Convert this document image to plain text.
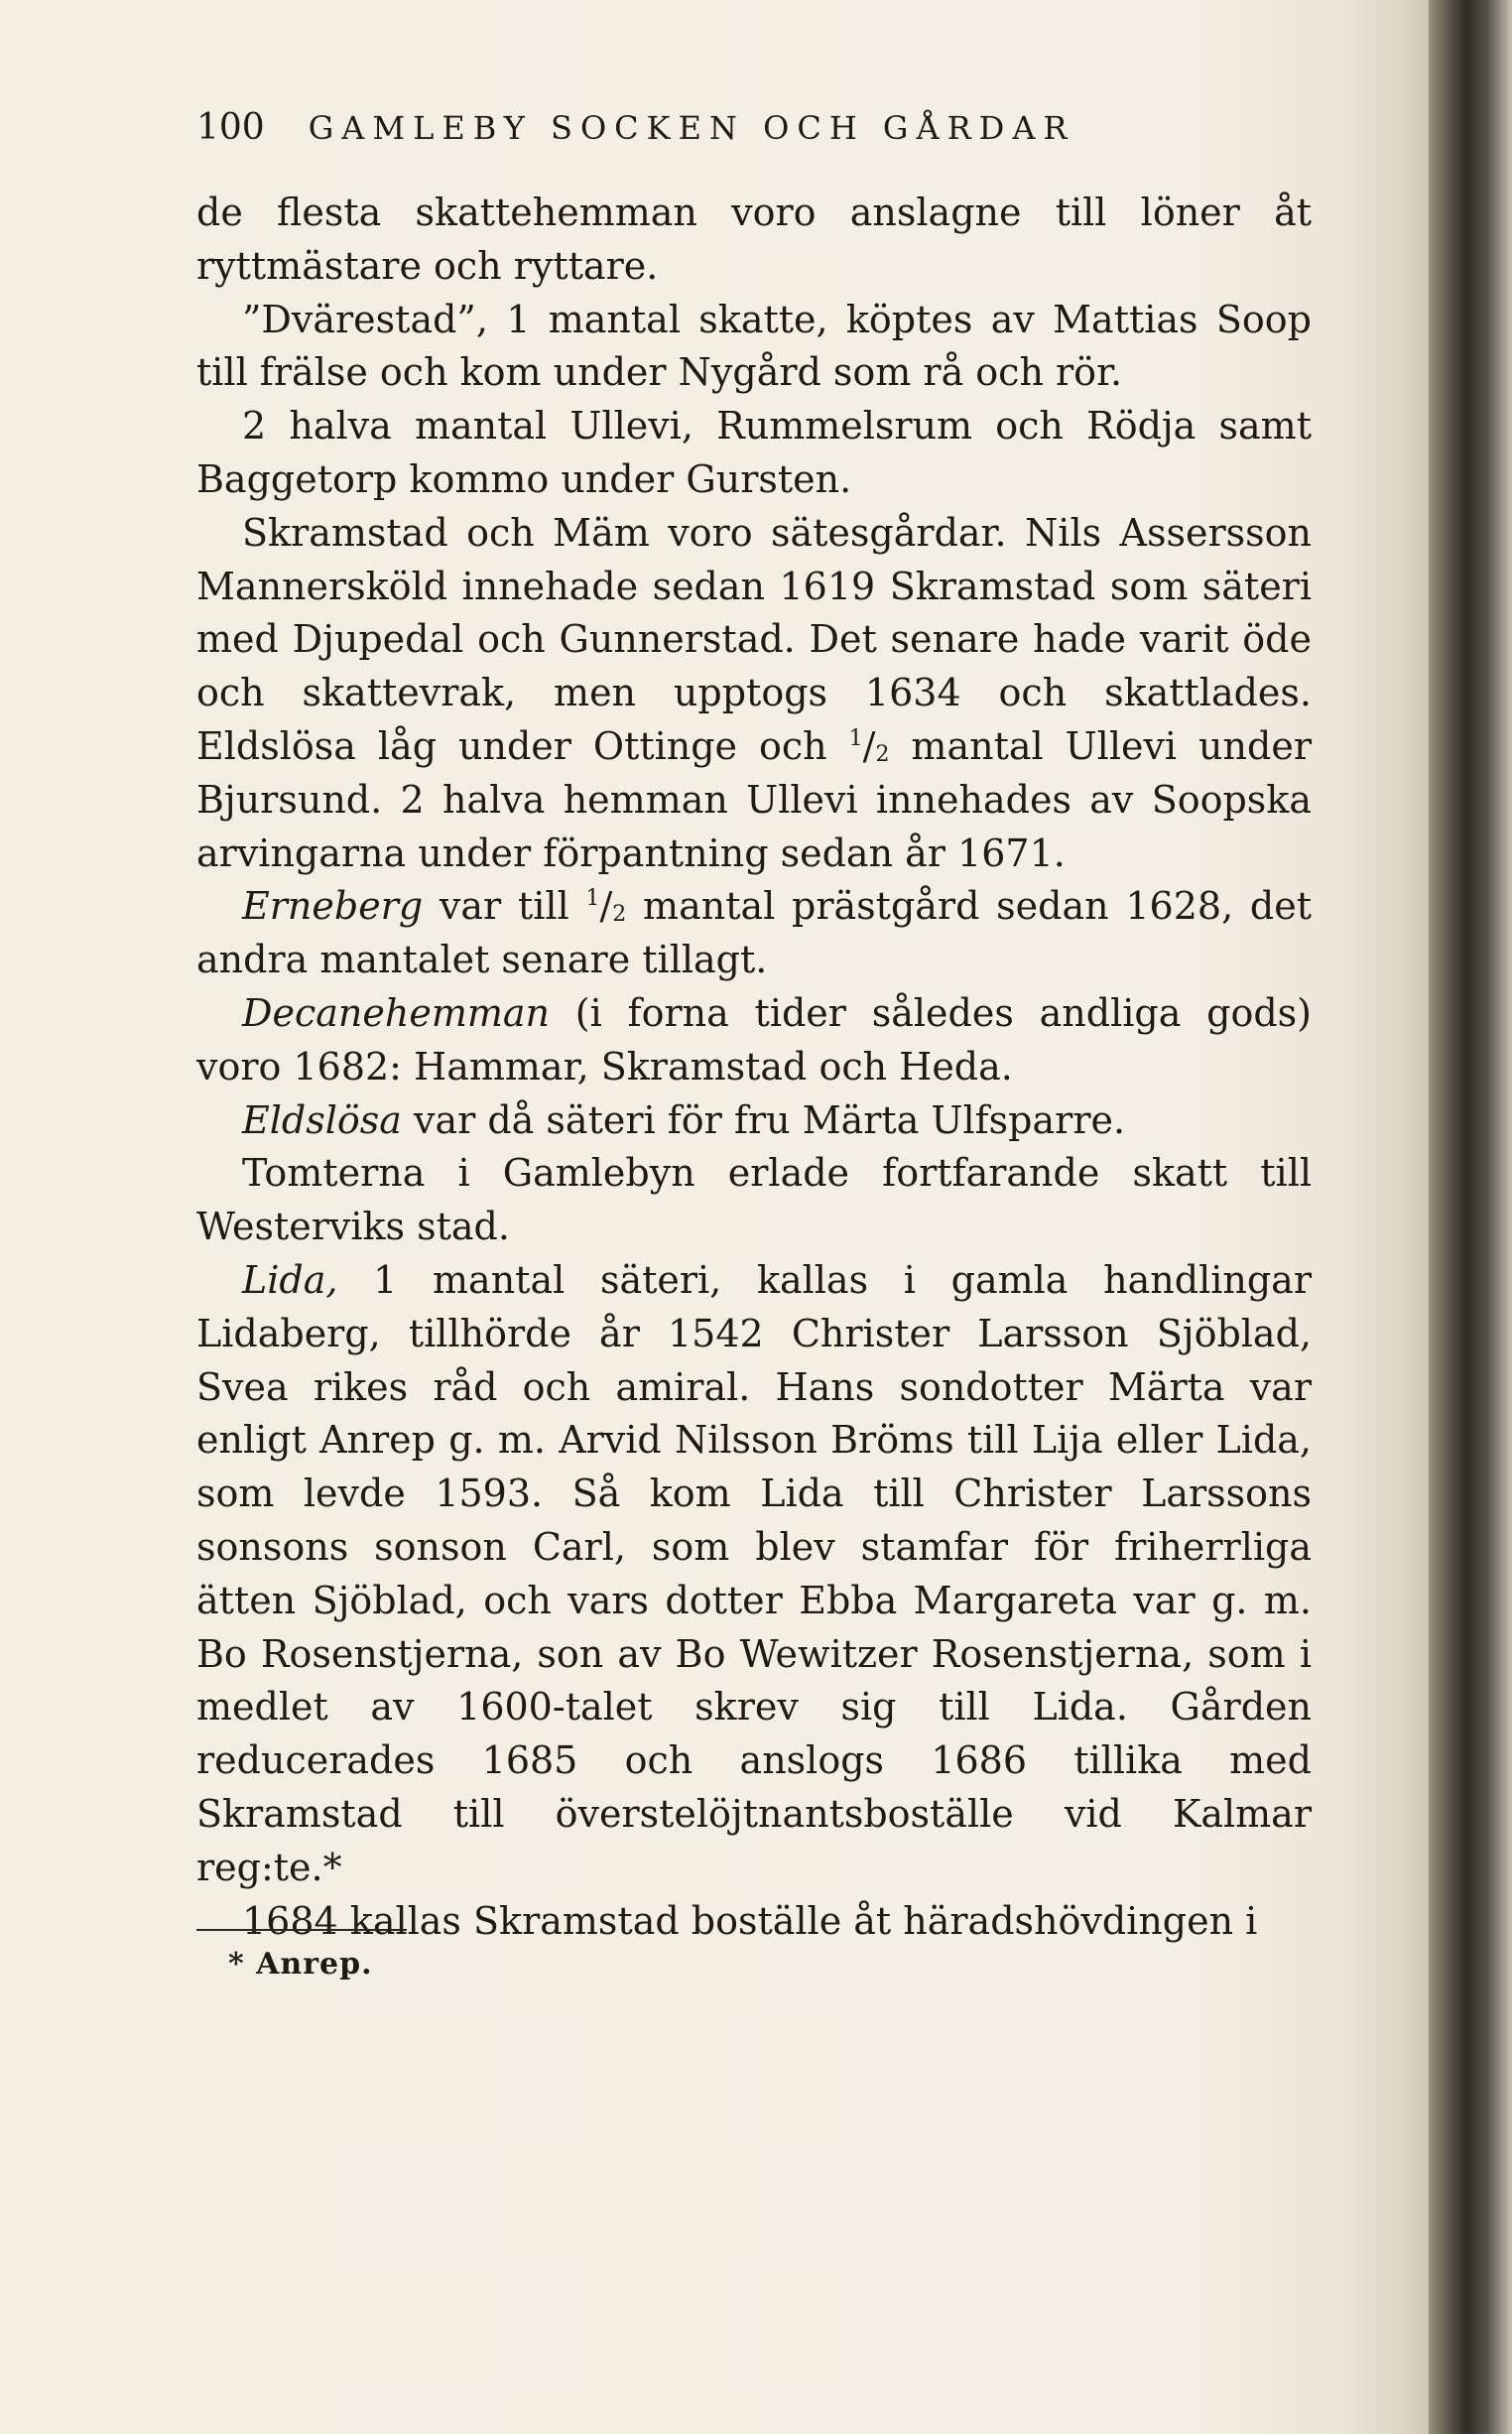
100 GAMLEBY SOCKEN OCH GÅRDAR

de flesta skattehemman voro anslagne till löner åt ryttmästare och ryttare.

”Dvärestad”, 1 mantal skatte, köptes av Mattias Soop till frälse och kom under Nygård som rå och rör.

2 halva mantal Ullevi, Rummelsrum och Rödja samt Baggetorp kommo under Gursten.

Skramstad och Mäm voro sätesgårdar. Nils Assersson Mannersköld innehade sedan 1619 Skramstad som säteri med Djupedal och Gunnerstad. Det senare hade varit öde och skattevrak, men upptogs 1634 och skattlades. Eldslösa låg under Ottinge och $^1/_2$ mantal Ullevi under Bjursund. 2 halva hemman Ullevi innehades av Soopska arvingarna under förpantning sedan år 1671.

Erneberg var till $^1/_2$ mantal prästgård sedan 1628, det andra mantalet senare tillagt.

Decanehemman (i forna tider således andliga gods) voro 1682: Hammar, Skramstad och Heda.

Eldslösa var då säteri för fru Märta Ulfsparre.

Tomterna i Gamlebyn erlade fortfarande skatt till Westerviks stad.

Lida, 1 mantal säteri, kallas i gamla handlingar Lidaberg, tillhörde år 1542 Christer Larsson Sjöblad, Svea rikes råd och amiral. Hans sondotter Märta var enligt Anrep g. m. Arvid Nilsson Bröms till Lija eller Lida, som levde 1593. Så kom Lida till Christer Larssons sonsons sonson Carl, som blev stamfar för friherrliga ätten Sjöblad, och vars dotter Ebba Margareta var g. m. Bo Rosenstjerna, son av Bo Wewitzer Rosenstjerna, som i medlet av 1600-talet skrev sig till Lida. Gården reducerades 1685 och anslogs 1686 tillika med Skramstad till överstelöjtnantsboställe vid Kalmar reg:te.*

1684 kallas Skramstad boställe åt häradshövdingen i

* Anrep.
